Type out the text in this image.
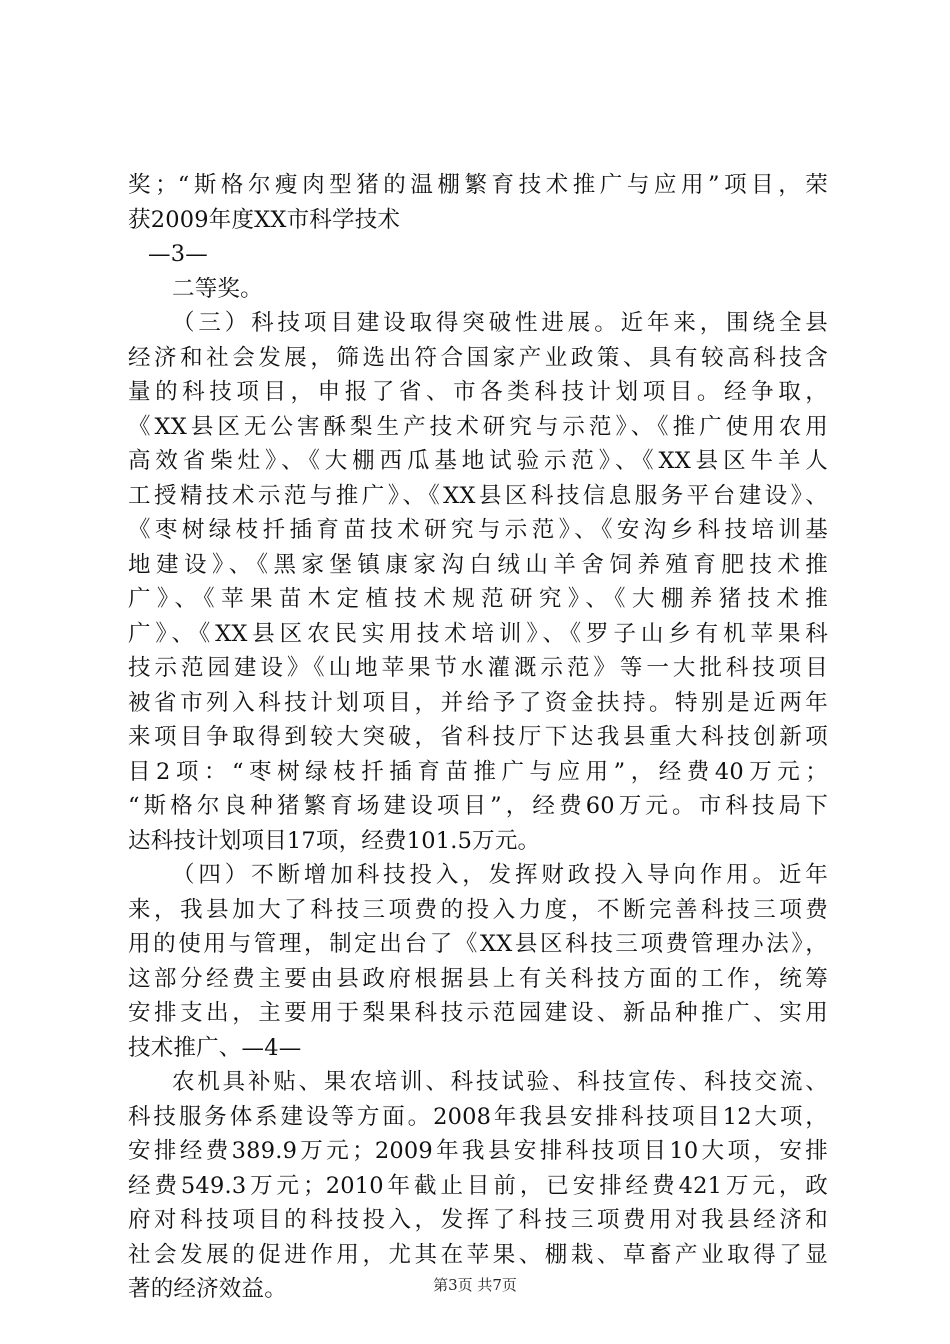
奖；“斯格尔瘦肉型猪的温棚繁育技术推广与应用”项目，荣
获2009年度XX市科学技术
—3—
二等奖。
（三）科技项目建设取得突破性进展。近年来，围绕全县
经济和社会发展，筛选出符合国家产业政策、具有较高科技含
量的科技项目，申报了省、市各类科技计划项目。经争取，
《XX县区无公害酥梨生产技术研究与示范》、《推广使用农用
高效省柴灶》、《大棚西瓜基地试验示范》、《XX县区牛羊人
工授精技术示范与推广》、《XX县区科技信息服务平台建设》、
《枣树绿枝扦插育苗技术研究与示范》、《安沟乡科技培训基
地建设》、《黑家堡镇康家沟白绒山羊舍饲养殖育肥技术推
广》、《苹果苗木定植技术规范研究》、《大棚养猪技术推
广》、《XX县区农民实用技术培训》、《罗子山乡有机苹果科
技示范园建设》《山地苹果节水灌溉示范》等一大批科技项目
被省市列入科技计划项目，并给予了资金扶持。特别是近两年
来项目争取得到较大突破，省科技厅下达我县重大科技创新项
目2项：“枣树绿枝扦插育苗推广与应用”，经费40万元；
“斯格尔良种猪繁育场建设项目”，经费60万元。市科技局下
达科技计划项目17项，经费101.5万元。
（四）不断增加科技投入，发挥财政投入导向作用。近年
来，我县加大了科技三项费的投入力度，不断完善科技三项费
用的使用与管理，制定出台了《XX县区科技三项费管理办法》，
这部分经费主要由县政府根据县上有关科技方面的工作，统筹
安排支出，主要用于梨果科技示范园建设、新品种推广、实用
技术推广、—4—
农机具补贴、果农培训、科技试验、科技宣传、科技交流、
科技服务体系建设等方面。2008年我县安排科技项目12大项，
安排经费389.9万元；2009年我县安排科技项目10大项，安排
经费549.3万元；2010年截止目前，已安排经费421万元，政
府对科技项目的科技投入，发挥了科技三项费用对我县经济和
社会发展的促进作用，尤其在苹果、棚栽、草畜产业取得了显
著的经济效益。	第3页 共7页
